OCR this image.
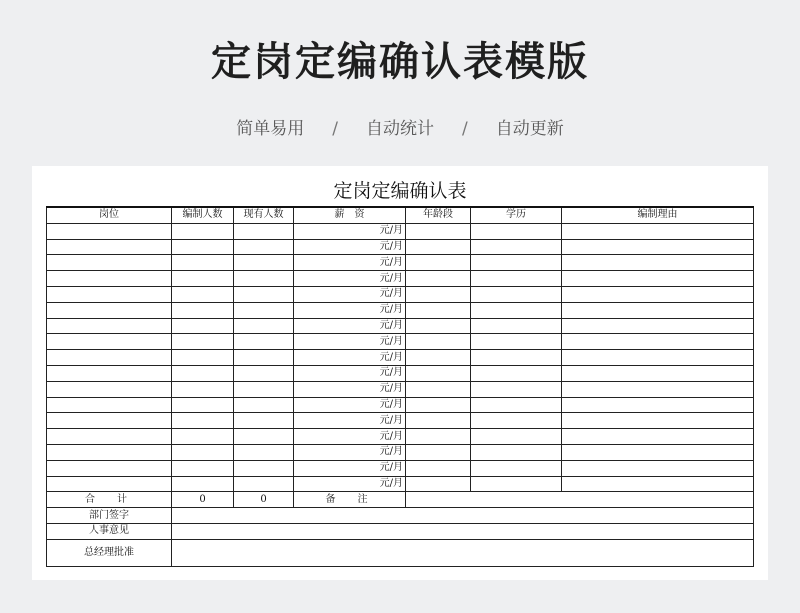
定岗定编确认表模版
简单易用 / 自动统计 / 自动更新
定岗定编确认表
岗位	编制人数	现有人数	薪　资	年龄段	学历	编制理由
			元/月			
			元/月			
			元/月			
			元/月			
			元/月			
			元/月			
			元/月			
			元/月			
			元/月			
			元/月			
			元/月			
			元/月			
			元/月			
			元/月			
			元/月			
			元/月			
			元/月			
合　计	0	0	备　注			
部门签字						
人事意见						
总经理批准						
